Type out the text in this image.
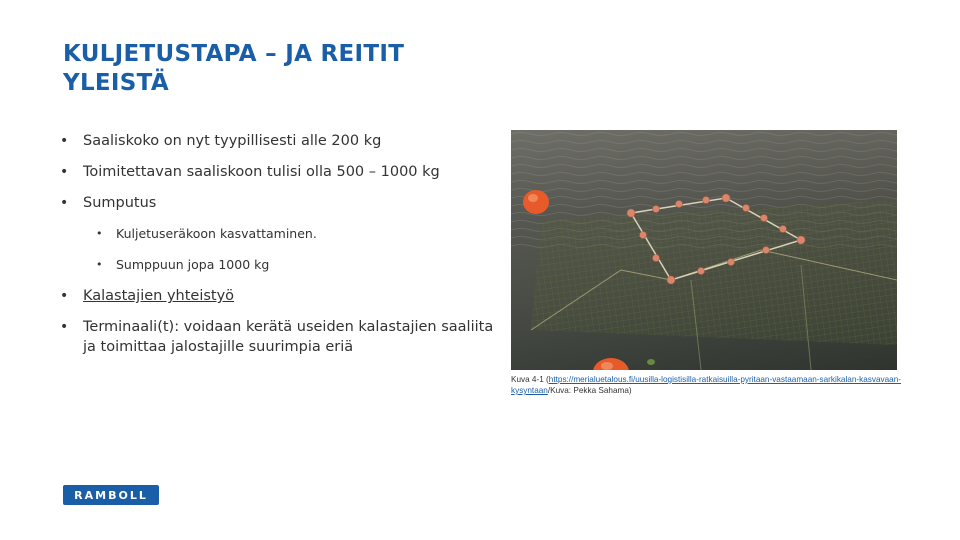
KULJETUSTAPA – JA REITIT
YLEISTÄ
• Saaliskoko on nyt tyypillisesti alle 200 kg
• Toimitettavan saaliskoon tulisi olla 500 – 1000 kg
• Sumputus
• Kuljetuseräkoon kasvattaminen.
• Sumppuun jopa 1000 kg
• Kalastajien yhteistyö
• Terminaali(t): voidaan kerätä useiden kalastajien saaliita ja toimittaa jalostajille suurimpia eriä
Kuva 4-1 (https://merialuetalous.fi/uusilla-logistisilla-ratkaisuilla-pyritaan-vastaamaan-sarkikalan-kasvavaan-kysyntaan/Kuva: Pekka Sahama)
RAMBOLL
